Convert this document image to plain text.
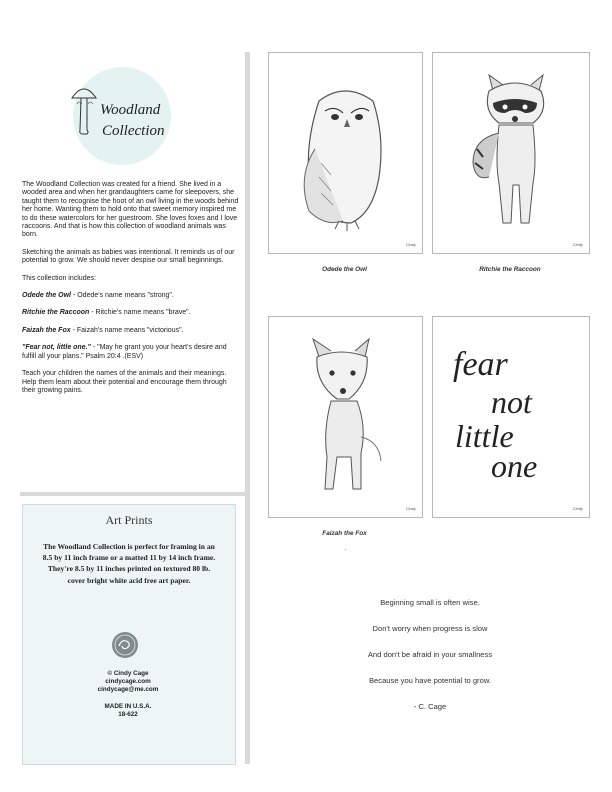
Woodland
Collection

The Woodland Collection was created for a friend. She lived in a wooded area and when her grandaughters came for sleepovers, she taught them to recognise the hoot of an owl living in the woods behind her home. Wanting them to hold onto that sweet memory inspired me to do these watercolors for her guestroom. She loves foxes and I love raccoons. And that is how this collection of woodland animals was born.

Sketching the animals as babies was intentional. It reminds us of our potential to grow. We should never despise our small beginnings.

This collection includes:

Odede the Owl - Odede's name means "strong".

Ritchie the Raccoon - Ritchie's name means "brave".

Faizah the Fox - Faizah's name means "victorious".

"Fear not, little one." - "May he grant you your heart's desire and fulfill all your plans." Psalm 20:4 .(ESV)

Teach your children the names of the animals and their meanings. Help them learn about their potential and encourage them through their growing pains.

Art Prints
The Woodland Collection is perfect for framing in an 8.5 by 11 inch frame or a matted 11 by 14 inch frame. They're 8.5 by 11 inches printed on textured 80 lb. cover bright white acid free art paper.
© Cindy Cage
cindycage.com
cindycage@me.com
MADE IN U.S.A.
18-622
Cindy
Odede the Owl
Cindy
Ritchie the Raccoon
Cindy
Faizah the Fox
.
fear
not
little
one
Cindy
Beginning small is often wise.
Don't worry when progress is slow
And don't be afraid in your smallness
Because you have potential to grow.
- C. Cage
